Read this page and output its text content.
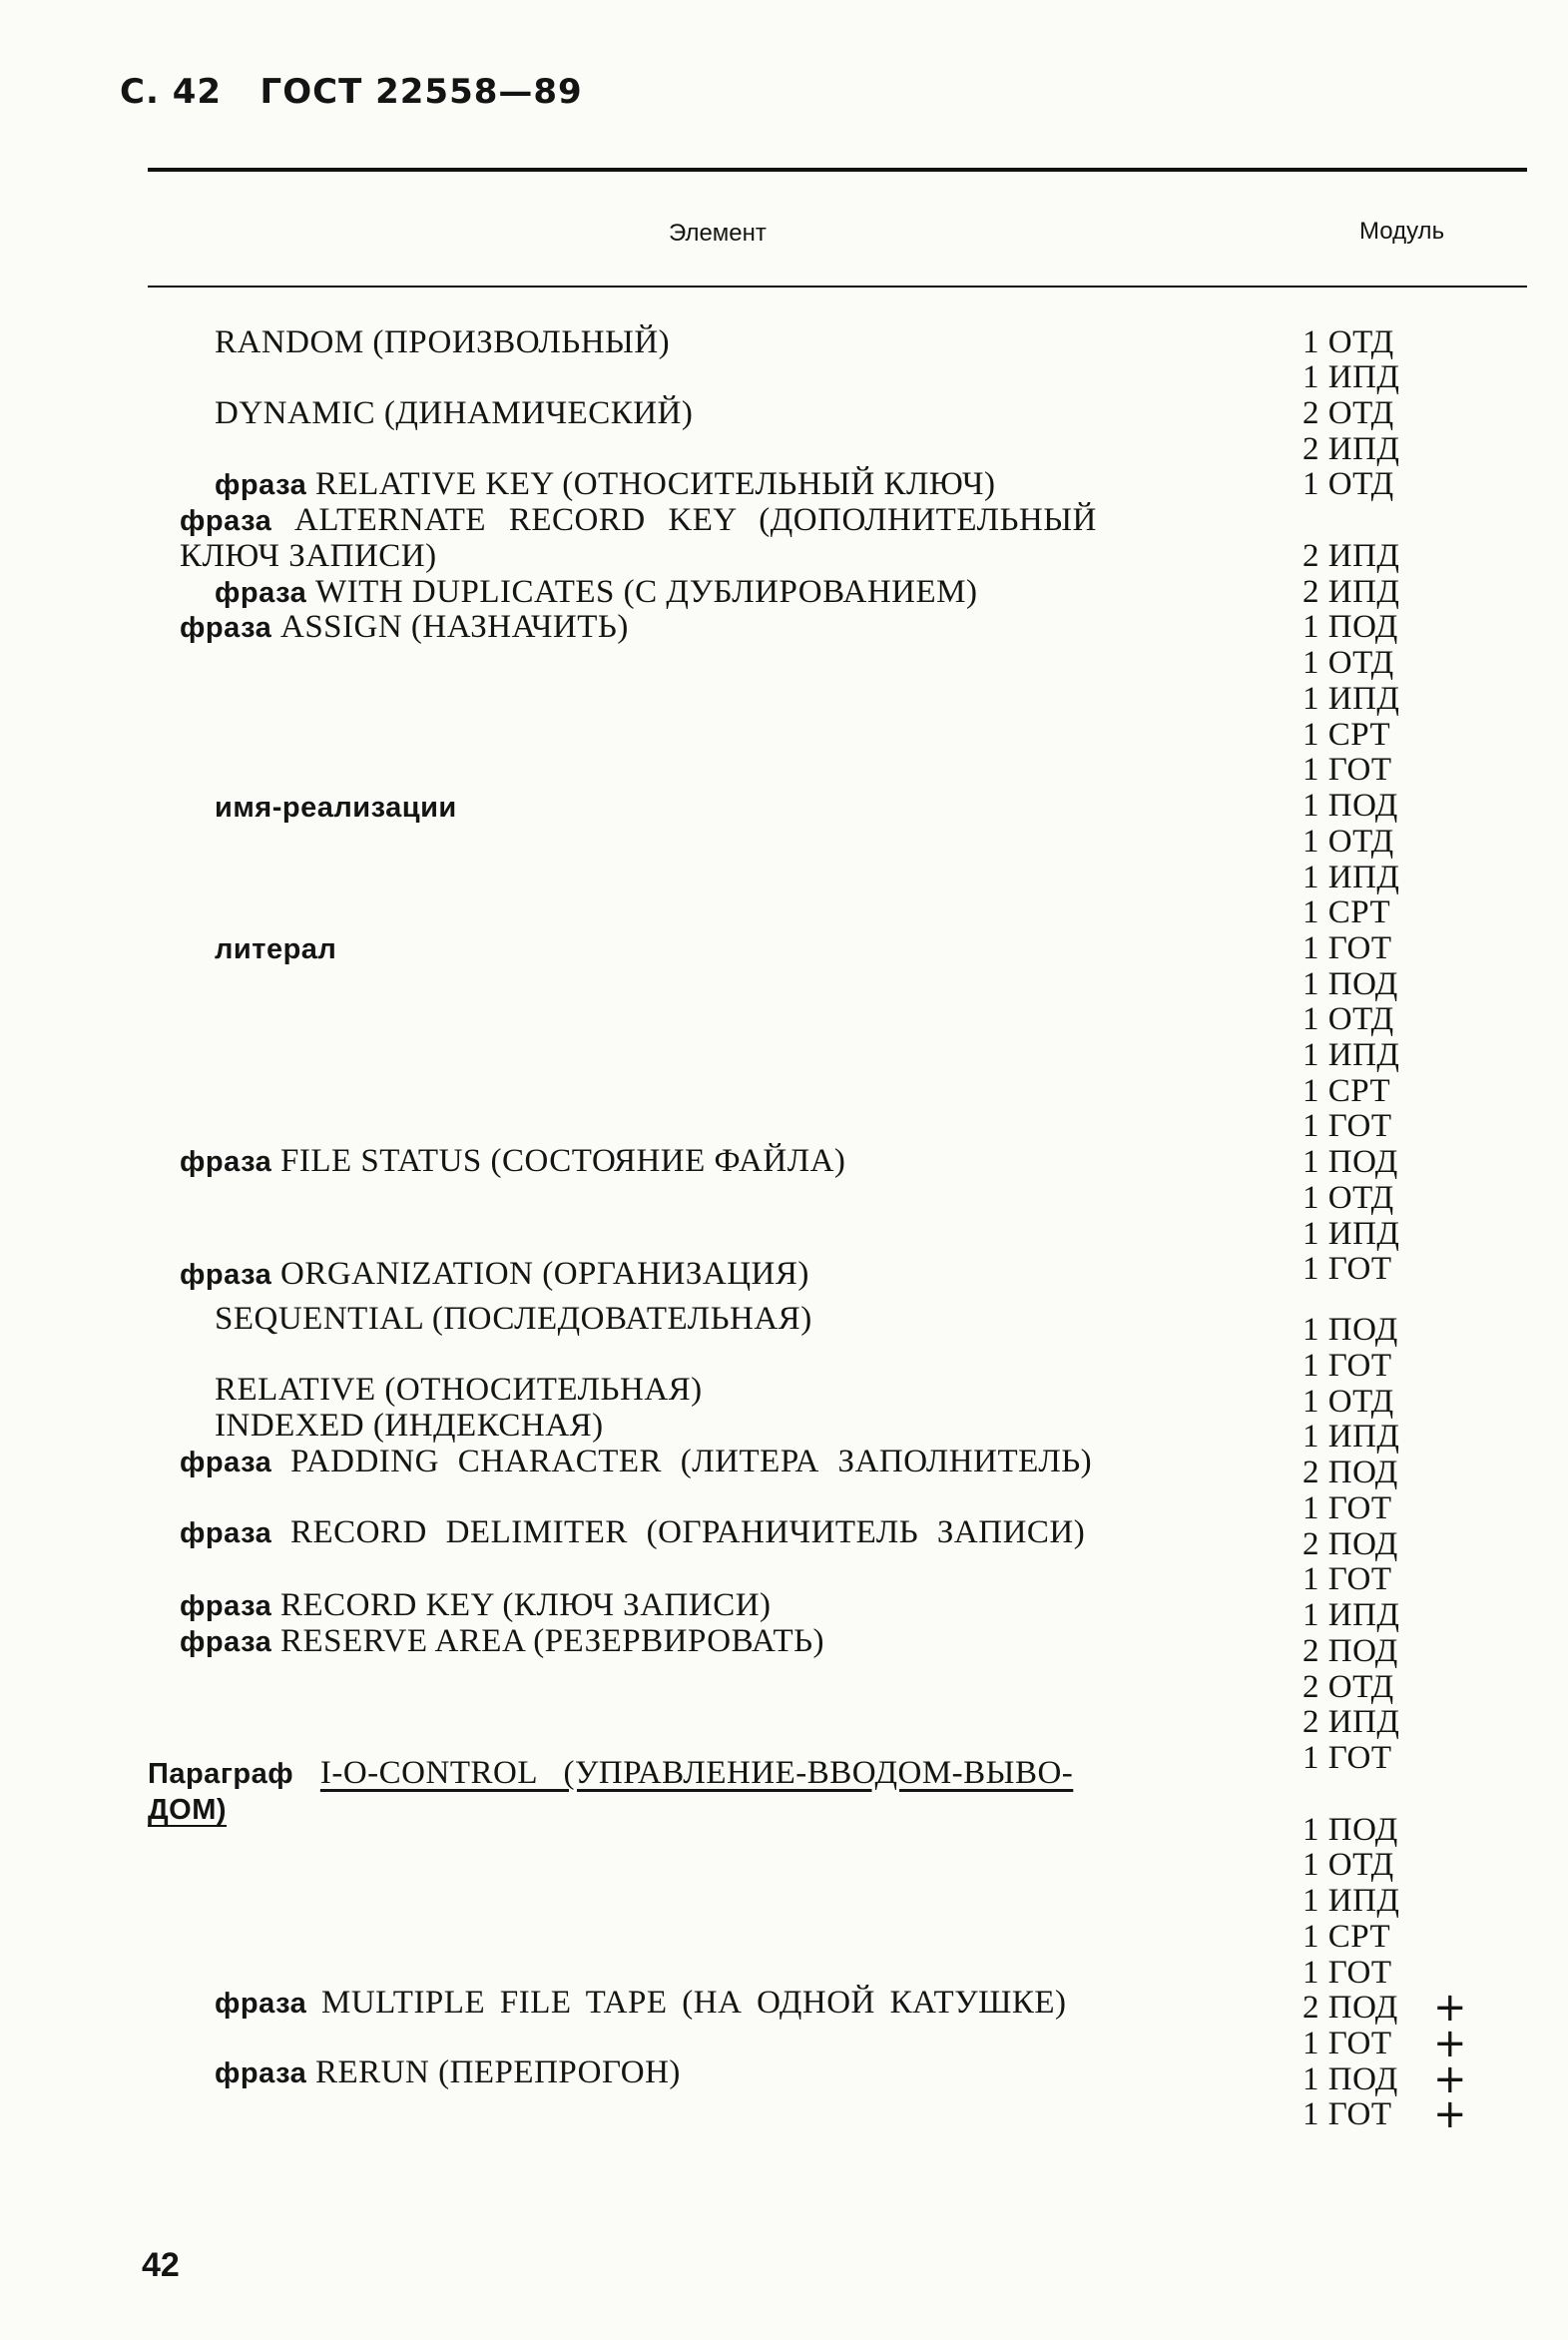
С. 42 ГОСТ 22558—89
Элемент	Модуль
RANDOM (ПРОИЗВОЛЬНЫЙ)
DYNAMIC (ДИНАМИЧЕСКИЙ)
фраза RELATIVE KEY (ОТНОСИТЕЛЬНЫЙ КЛЮЧ)
фраза ALTERNATE RECORD KEY (ДОПОЛНИТЕЛЬНЫЙ
КЛЮЧ ЗАПИСИ)
фраза WITH DUPLICATES (С ДУБЛИРОВАНИЕМ)
фраза ASSIGN (НАЗНАЧИТЬ)
имя-реализации
литерал
фраза FILE STATUS (СОСТОЯНИЕ ФАЙЛА)
фраза ORGANIZATION (ОРГАНИЗАЦИЯ)
SEQUENTIAL (ПОСЛЕДОВАТЕЛЬНАЯ)
RELATIVE (ОТНОСИТЕЛЬНАЯ)
INDEXED (ИНДЕКСНАЯ)
фраза PADDING CHARACTER (ЛИТЕРА ЗАПОЛНИТЕЛЬ)
фраза RECORD DELIMITER (ОГРАНИЧИТЕЛЬ ЗАПИСИ)
фраза RECORD KEY (КЛЮЧ ЗАПИСИ)
фраза RESERVE AREA (РЕЗЕРВИРОВАТЬ)
Параграф I-O-CONTROL (УПРАВЛЕНИЕ-ВВОДОМ-ВЫВО-
ДОМ)
фраза MULTIPLE FILE TAPE (НА ОДНОЙ КАТУШКЕ)
фраза RERUN (ПЕРЕПРОГОН)
1 ОТД
1 ИПД
2 ОТД
2 ИПД
1 ОТД
2 ИПД
2 ИПД
1 ПОД
1 ОТД
1 ИПД
1 СРТ
1 ГОТ
1 ПОД
1 ОТД
1 ИПД
1 СРТ
1 ГОТ
1 ПОД
1 ОТД
1 ИПД
1 СРТ
1 ГОТ
1 ПОД
1 ОТД
1 ИПД
1 ГОТ
1 ПОД
1 ГОТ
1 ОТД
1 ИПД
2 ПОД
1 ГОТ
2 ПОД
1 ГОТ
1 ИПД
2 ПОД
2 ОТД
2 ИПД
1 ГОТ
1 ПОД
1 ОТД
1 ИПД
1 СРТ
1 ГОТ
2 ПОД +
1 ГОТ +
1 ПОД +
1 ГОТ +
42
